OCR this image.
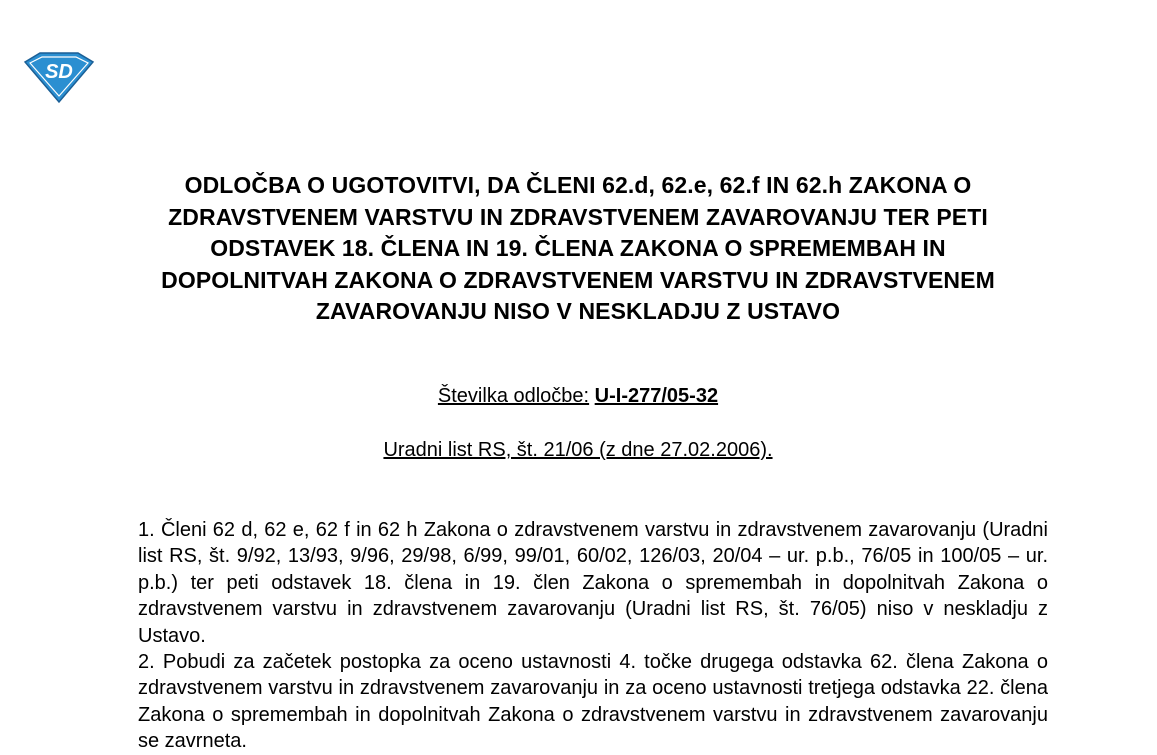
SD
ODLOČBA O UGOTOVITVI, DA ČLENI 62.d, 62.e, 62.f IN 62.h ZAKONA O ZDRAVSTVENEM VARSTVU IN ZDRAVSTVENEM ZAVAROVANJU TER PETI ODSTAVEK 18. ČLENA IN 19. ČLENA ZAKONA O SPREMEMBAH IN DOPOLNITVAH ZAKONA O ZDRAVSTVENEM VARSTVU IN ZDRAVSTVENEM ZAVAROVANJU NISO V NESKLADJU Z USTAVO
Številka odločbe: U-I-277/05-32
Uradni list RS, št. 21/06 (z dne 27.02.2006).

1. Členi 62 d, 62 e, 62 f in 62 h Zakona o zdravstvenem varstvu in zdravstvenem zavarovanju (Uradni list RS, št. 9/92, 13/93, 9/96, 29/98, 6/99, 99/01, 60/02, 126/03, 20/04 – ur. p.b., 76/05 in 100/05 – ur. p.b.) ter peti odstavek 18. člena in 19. člen Zakona o spremembah in dopolnitvah Zakona o zdravstvenem varstvu in zdravstvenem zavarovanju (Uradni list RS, št. 76/05) niso v neskladju z Ustavo.

2. Pobudi za začetek postopka za oceno ustavnosti 4. točke drugega odstavka 62. člena Zakona o zdravstvenem varstvu in zdravstvenem zavarovanju in za oceno ustavnosti tretjega odstavka 22. člena Zakona o spremembah in dopolnitvah Zakona o zdravstvenem varstvu in zdravstvenem zavarovanju se zavrneta.
